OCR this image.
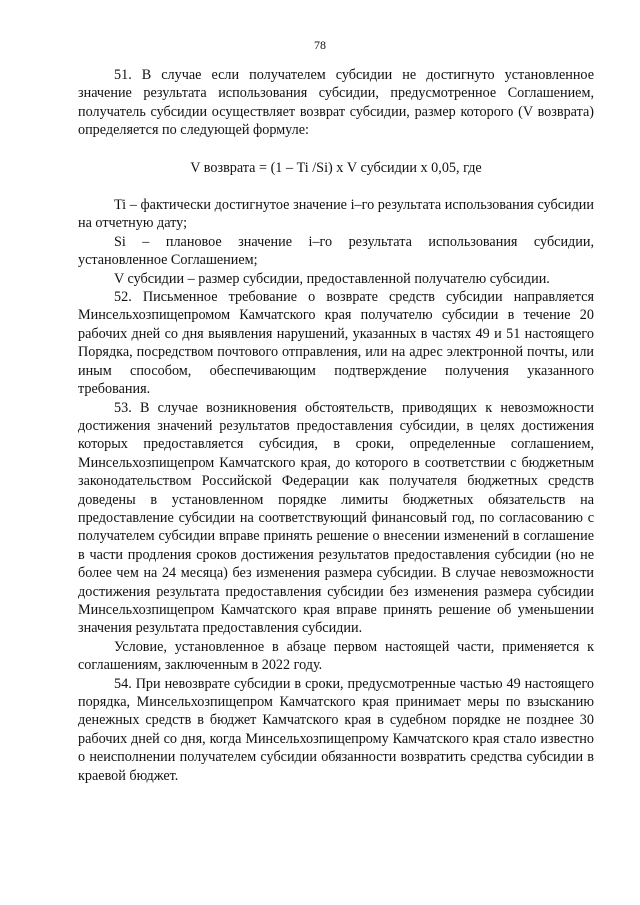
78

51. В случае если получателем субсидии не достигнуто установленное значение результата использования субсидии, предусмотренное Соглашением, получатель субсидии осуществляет возврат субсидии, размер которого (V возврата) определяется по следующей формуле:

V возврата = (1 – Ti /Si) х V субсидии х 0,05, где

Ti – фактически достигнутое значение i–го результата использования субсидии на отчетную дату;

Si – плановое значение i–го результата использования субсидии, установленное Соглашением;

V субсидии – размер субсидии, предоставленной получателю субсидии.

52. Письменное требование о возврате средств субсидии направляется Минсельхозпищепромом Камчатского края получателю субсидии в течение 20 рабочих дней со дня выявления нарушений, указанных в частях 49 и 51 настоящего Порядка, посредством почтового отправления, или на адрес электронной почты, или иным способом, обеспечивающим подтверждение получения указанного требования.

53. В случае возникновения обстоятельств, приводящих к невозможности достижения значений результатов предоставления субсидии, в целях достижения которых предоставляется субсидия, в сроки, определенные соглашением, Минсельхозпищепром Камчатского края, до которого в соответствии с бюджетным законодательством Российской Федерации как получателя бюджетных средств доведены в установленном порядке лимиты бюджетных обязательств на предоставление субсидии на соответствующий финансовый год, по согласованию с получателем субсидии вправе принять решение о внесении изменений в соглашение в части продления сроков достижения результатов предоставления субсидии (но не более чем на 24 месяца) без изменения размера субсидии. В случае невозможности достижения результата предоставления субсидии без изменения размера субсидии Минсельхозпищепром Камчатского края вправе принять решение об уменьшении значения результата предоставления субсидии.

Условие, установленное в абзаце первом настоящей части, применяется к соглашениям, заключенным в 2022 году.

54. При невозврате субсидии в сроки, предусмотренные частью 49 настоящего порядка, Минсельхозпищепром Камчатского края принимает меры по взысканию денежных средств в бюджет Камчатского края в судебном порядке не позднее 30 рабочих дней со дня, когда Минсельхозпищепрому Камчатского края стало известно о неисполнении получателем субсидии обязанности возвратить средства субсидии в краевой бюджет.
